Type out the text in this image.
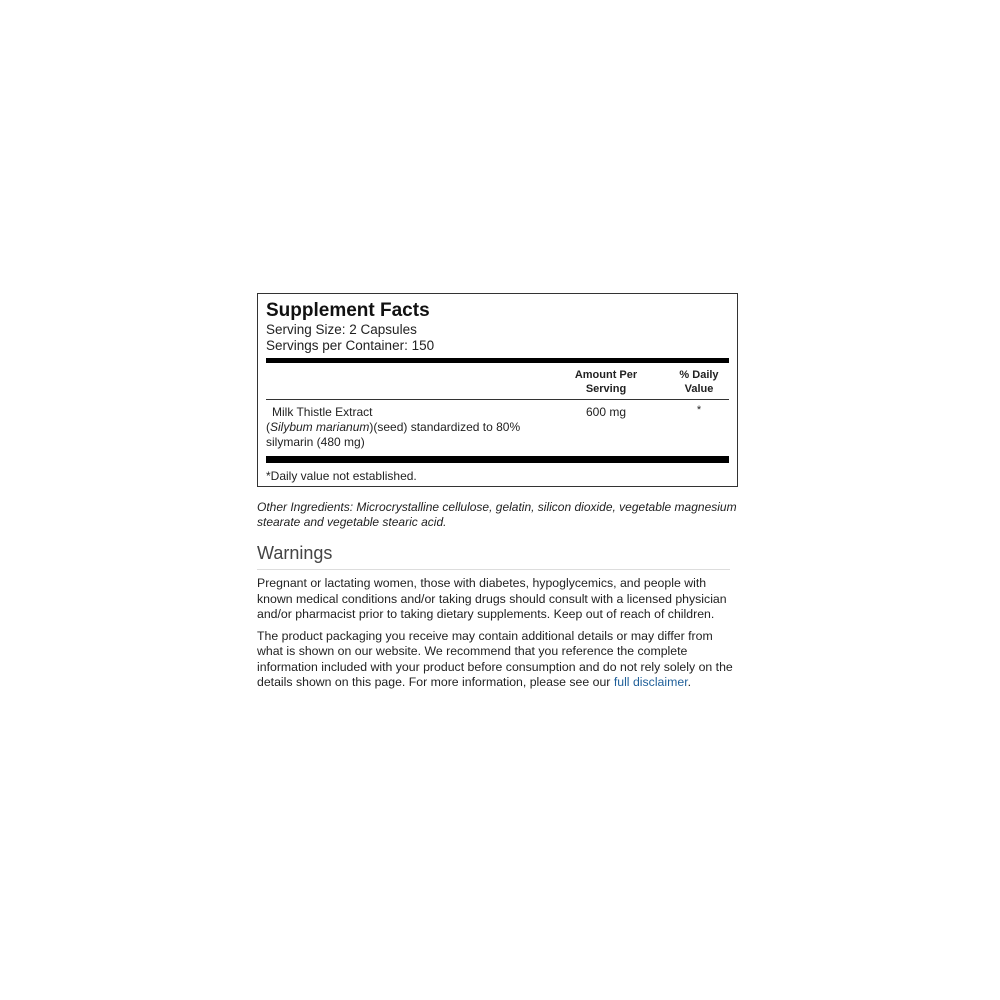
Supplement Facts
Serving Size: 2 Capsules
Servings per Container: 150
Amount Per
Serving
% Daily
Value
Milk Thistle Extract
(Silybum marianum)(seed) standardized to 80% silymarin (480 mg)
600 mg	*
*Daily value not established.
Other Ingredients: Microcrystalline cellulose, gelatin, silicon dioxide, vegetable magnesium stearate and vegetable stearic acid.
Warnings

Pregnant or lactating women, those with diabetes, hypoglycemics, and people with known medical conditions and/or taking drugs should consult with a licensed physician and/or pharmacist prior to taking dietary supplements. Keep out of reach of children.

The product packaging you receive may contain additional details or may differ from what is shown on our website. We recommend that you reference the complete information included with your product before consumption and do not rely solely on the details shown on this page. For more information, please see our full disclaimer.
